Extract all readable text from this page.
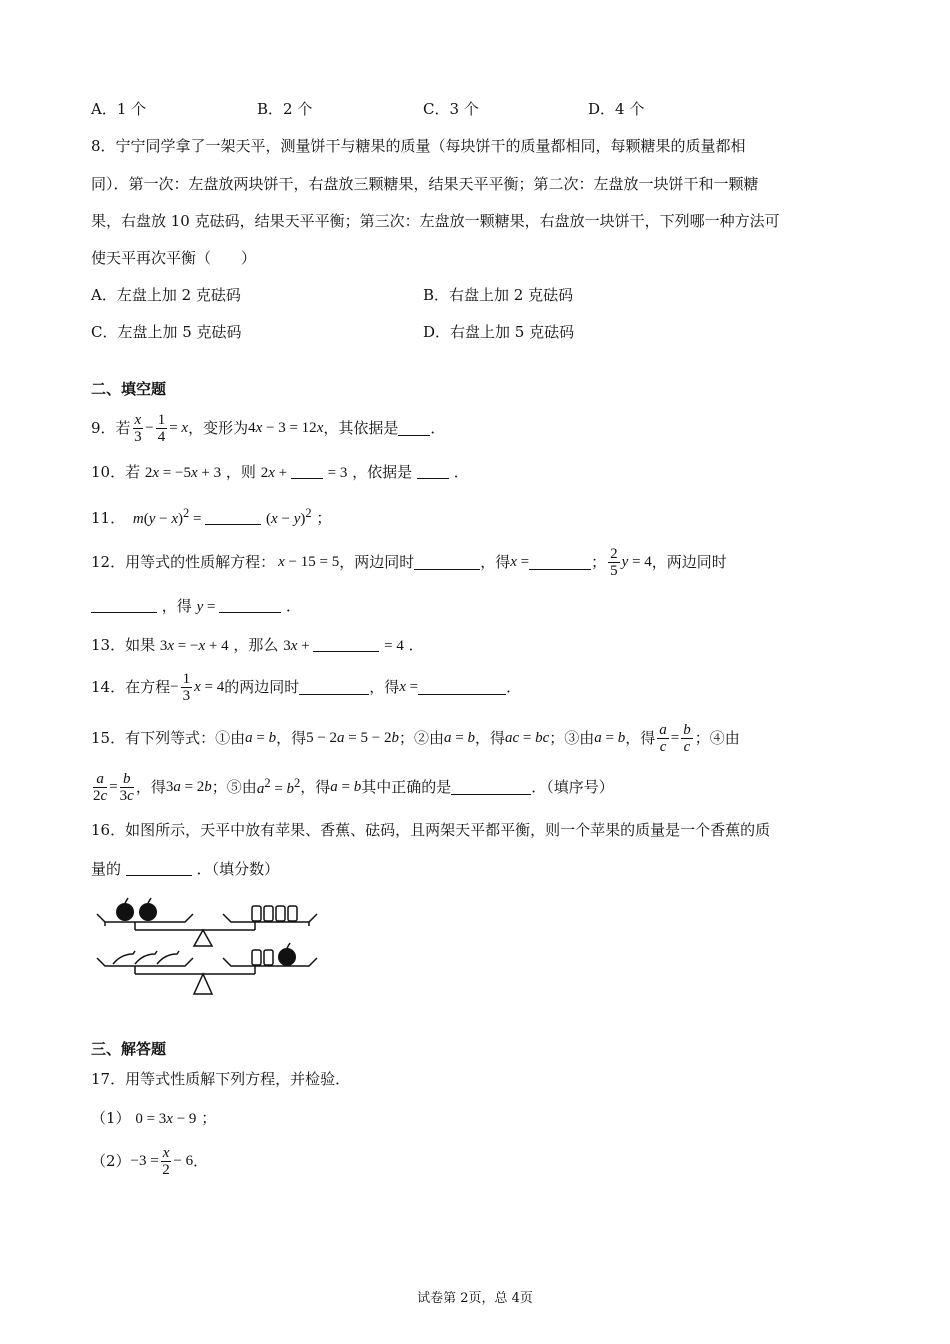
A．1 个	B．2 个	C．3 个	D．4 个
8．宁宁同学拿了一架天平，测量饼干与糖果的质量（每块饼干的质量都相同，每颗糖果的质量都相
同）．第一次：左盘放两块饼干，右盘放三颗糖果，结果天平平衡；第二次：左盘放一块饼干和一颗糖
果，右盘放 10 克砝码，结果天平平衡；第三次：左盘放一颗糖果，右盘放一块饼干，下列哪一种方法可
使天平再次平衡（　　）
A．左盘上加 2 克砝码	B．右盘上加 2 克砝码
C．左盘上加 5 克砝码	D．右盘上加 5 克砝码
二、填空题
9．若 $\frac{x}{3} - \frac{1}{4} = x$ ，变形为 4x − 3 = 12x ，其依据是 ．
10．若 2x = −5x + 3 ，则 2x +  = 3 ，依据是	．
11．   $m(y - x)^2$ =	$(x - y)^2$ ；
12．用等式的性质解方程：
  x − 15 = 5 ，两边同时	，得 x =	； $\frac{2}{5}$ y = 4 ，两边同时
，得 y =	．
13．如果 3x = −x + 4 ，那么 3x +	= 4 ．
14．在方程 − $\frac{1}{3}$ x = 4 的两边同时	，得 x =	．
15．有下列等式：①由 a = b ，得 5 − 2a = 5 − 2b ；②由 a = b ，得 ac = bc ；③由 a = b ，得 $\frac{a}{c} = \frac{b}{c}$ ；④由
$\frac{a}{2c} = \frac{b}{3c}$ ，得 3a = 2b ；⑤由 $a^2 = b^2$ ，得 a = b 其中正确的是	．（填序号）
16．如图所示，天平中放有苹果、香蕉、砝码，且两架天平都平衡，则一个苹果的质量是一个香蕉的质
量的	．（填分数）
三、解答题
17．用等式性质解下列方程，并检验．
（1） 0 = 3x − 9 ；
$(2) -3 = \frac{x}{2} - 6$ ．
试卷第 2页，总 4页
